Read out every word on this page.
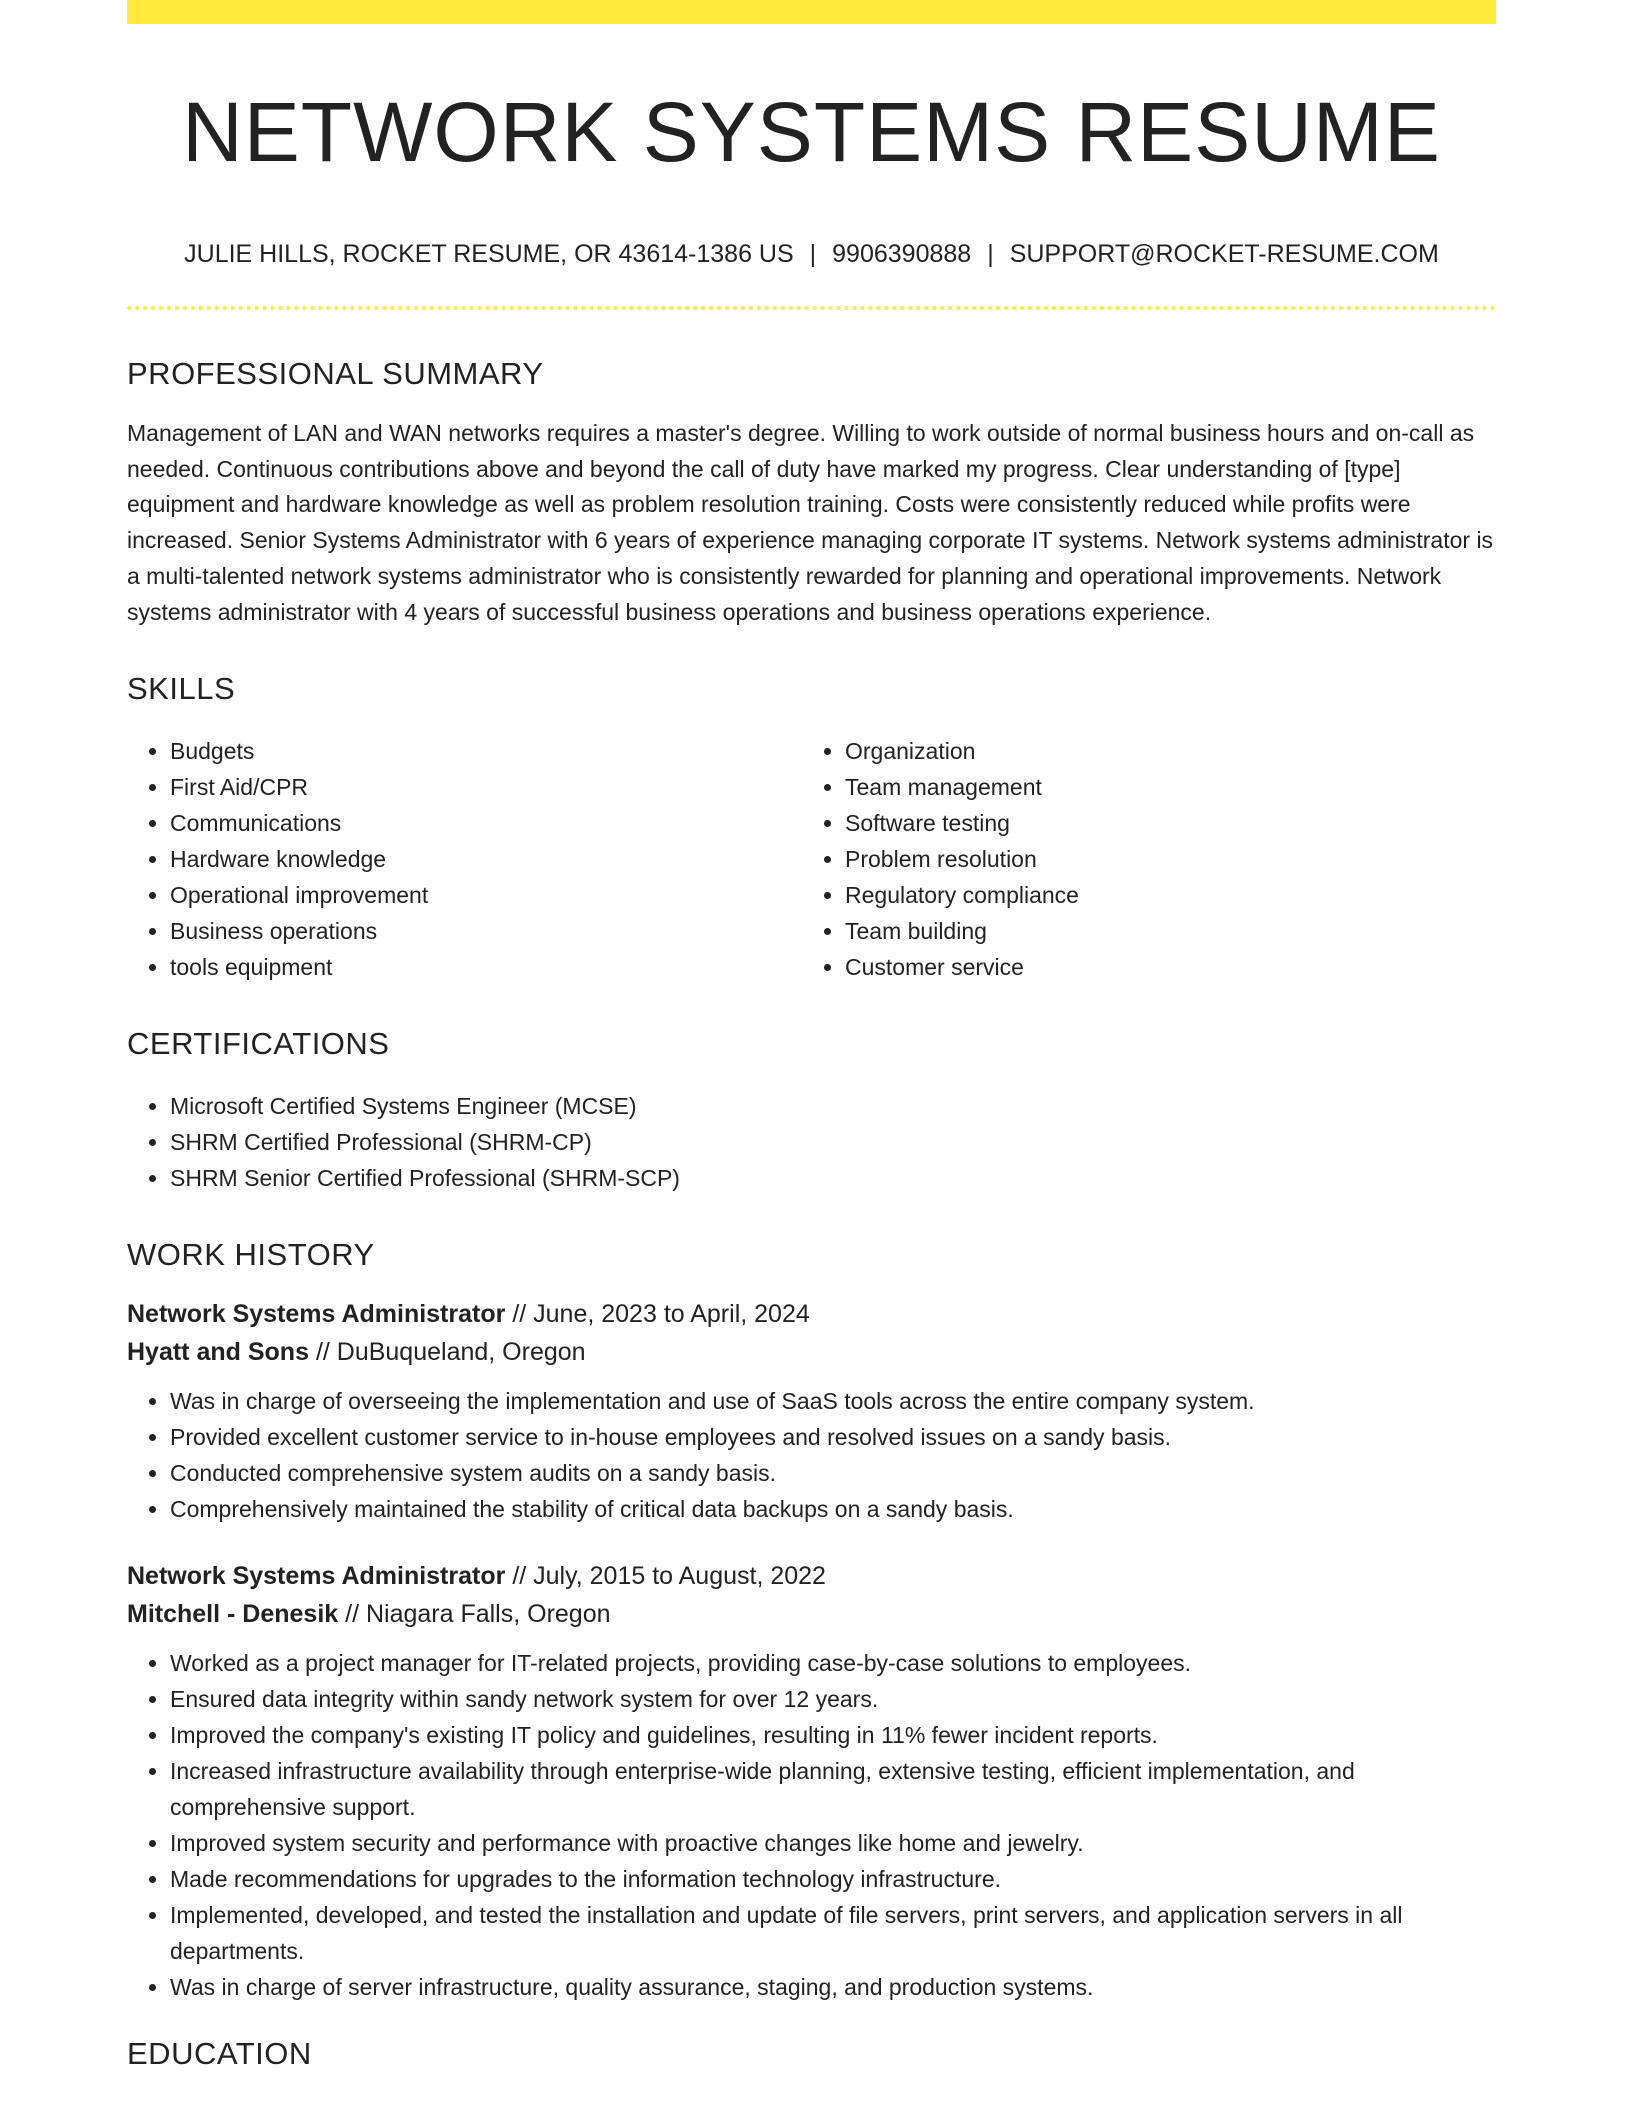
NETWORK SYSTEMS RESUME
JULIE HILLS, ROCKET RESUME, OR 43614-1386 US | 9906390888 | SUPPORT@ROCKET-RESUME.COM
PROFESSIONAL SUMMARY
Management of LAN and WAN networks requires a master's degree. Willing to work outside of normal business hours and on-call as needed. Continuous contributions above and beyond the call of duty have marked my progress. Clear understanding of [type] equipment and hardware knowledge as well as problem resolution training. Costs were consistently reduced while profits were increased. Senior Systems Administrator with 6 years of experience managing corporate IT systems. Network systems administrator is a multi-talented network systems administrator who is consistently rewarded for planning and operational improvements. Network systems administrator with 4 years of successful business operations and business operations experience.
SKILLS
• Budgets
• First Aid/CPR
• Communications
• Hardware knowledge
• Operational improvement
• Business operations
• tools equipment
• Organization
• Team management
• Software testing
• Problem resolution
• Regulatory compliance
• Team building
• Customer service
CERTIFICATIONS
• Microsoft Certified Systems Engineer (MCSE)
• SHRM Certified Professional (SHRM-CP)
• SHRM Senior Certified Professional (SHRM-SCP)
WORK HISTORY
Network Systems Administrator // June, 2023 to April, 2024
Hyatt and Sons // DuBuqueland, Oregon
• Was in charge of overseeing the implementation and use of SaaS tools across the entire company system.
• Provided excellent customer service to in-house employees and resolved issues on a sandy basis.
• Conducted comprehensive system audits on a sandy basis.
• Comprehensively maintained the stability of critical data backups on a sandy basis.
Network Systems Administrator // July, 2015 to August, 2022
Mitchell - Denesik // Niagara Falls, Oregon
• Worked as a project manager for IT-related projects, providing case-by-case solutions to employees.
• Ensured data integrity within sandy network system for over 12 years.
• Improved the company's existing IT policy and guidelines, resulting in 11% fewer incident reports.
• Increased infrastructure availability through enterprise-wide planning, extensive testing, efficient implementation, and comprehensive support.
• Improved system security and performance with proactive changes like home and jewelry.
• Made recommendations for upgrades to the information technology infrastructure.
• Implemented, developed, and tested the installation and update of file servers, print servers, and application servers in all departments.
• Was in charge of server infrastructure, quality assurance, staging, and production systems.
EDUCATION
